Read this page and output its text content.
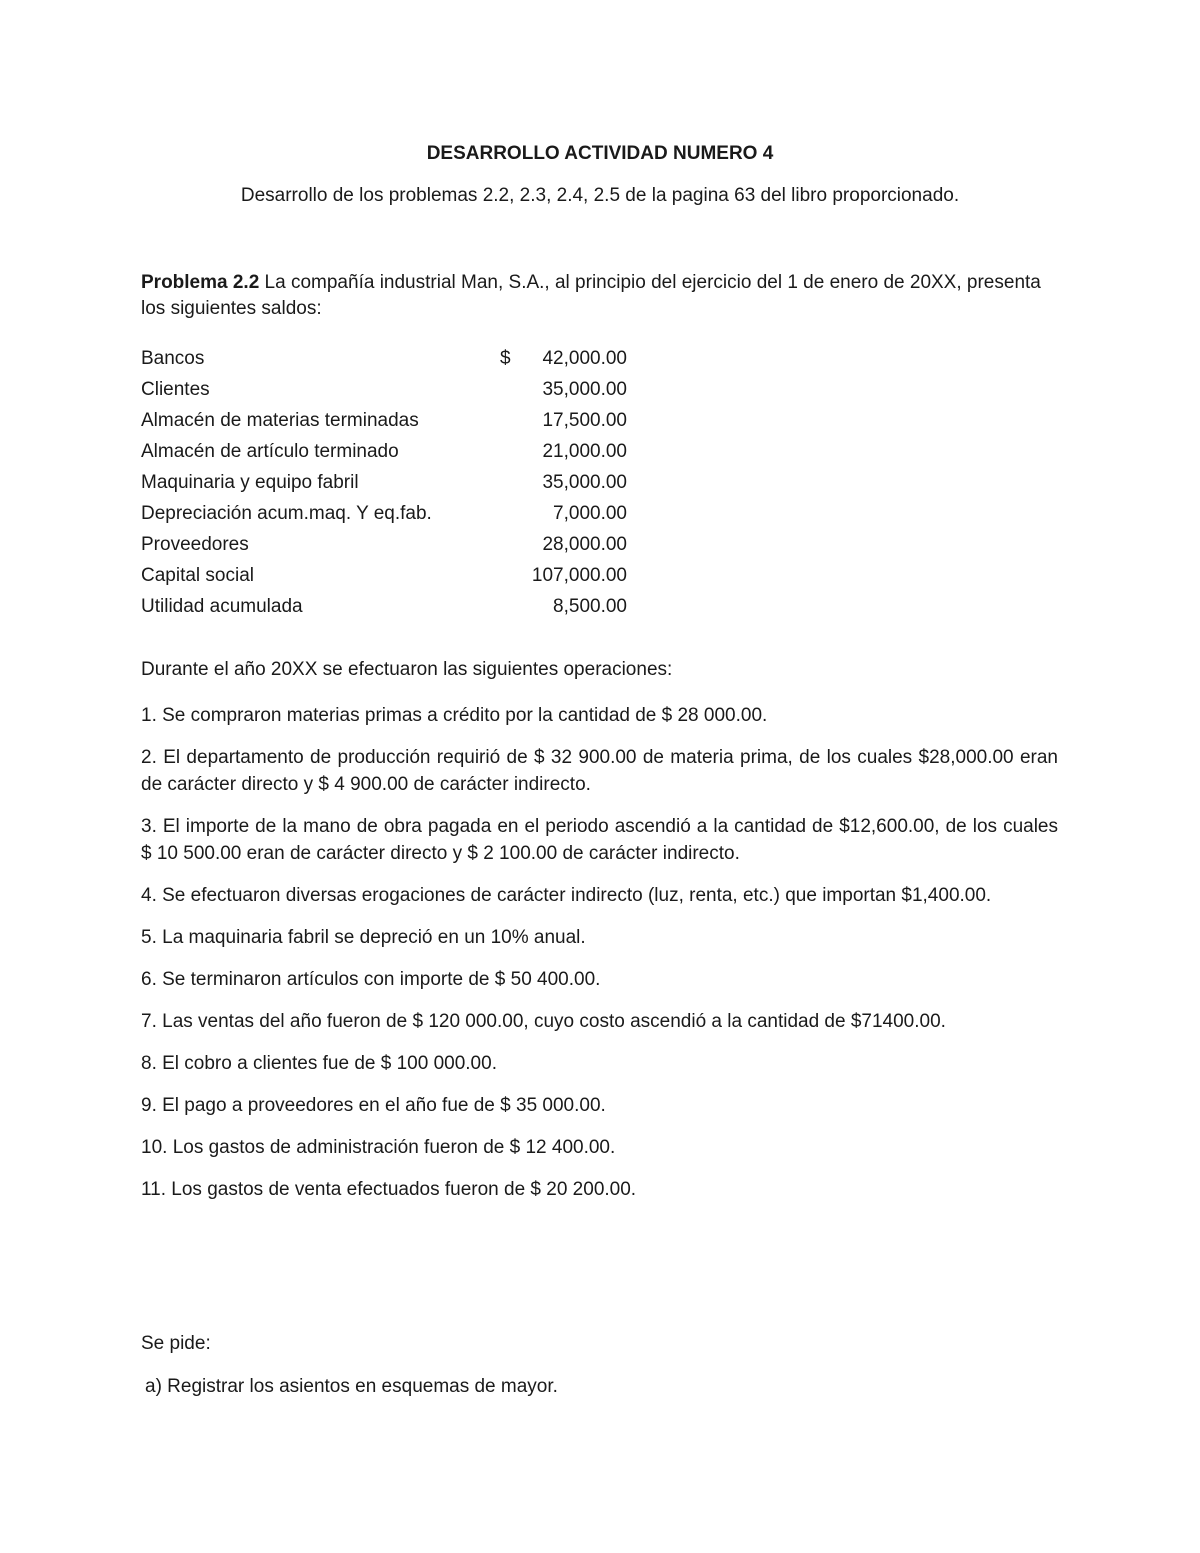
DESARROLLO ACTIVIDAD NUMERO 4
Desarrollo de los problemas 2.2, 2.3, 2.4, 2.5 de la pagina 63 del libro proporcionado.
Problema 2.2 La compañía industrial Man, S.A., al principio del ejercicio del 1 de enero de 20XX, presenta los siguientes saldos:
Bancos	$ 42,000.00
Clientes	35,000.00
Almacén de materias terminadas	17,500.00
Almacén de artículo terminado	21,000.00
Maquinaria y equipo fabril	35,000.00
Depreciación acum.maq. Y eq.fab.	7,000.00
Proveedores	28,000.00
Capital social	107,000.00
Utilidad acumulada	8,500.00
Durante el año 20XX se efectuaron las siguientes operaciones:

1. Se compraron materias primas a crédito por la cantidad de $ 28 000.00.

2. El departamento de producción requirió de $ 32 900.00 de materia prima, de los cuales $28,000.00 eran de carácter directo y $ 4 900.00 de carácter indirecto.

3. El importe de la mano de obra pagada en el periodo ascendió a la cantidad de $12,600.00, de los cuales $ 10 500.00 eran de carácter directo y $ 2 100.00 de carácter indirecto.

4. Se efectuaron diversas erogaciones de carácter indirecto (luz, renta, etc.) que importan $1,400.00.

5. La maquinaria fabril se depreció en un 10% anual.

6. Se terminaron artículos con importe de $ 50 400.00.

7. Las ventas del año fueron de $ 120 000.00, cuyo costo ascendió a la cantidad de $71400.00.

8. El cobro a clientes fue de $ 100 000.00.

9. El pago a proveedores en el año fue de $ 35 000.00.

10. Los gastos de administración fueron de $ 12 400.00.

11. Los gastos de venta efectuados fueron de $ 20 200.00.

Se pide:
a) Registrar los asientos en esquemas de mayor.
